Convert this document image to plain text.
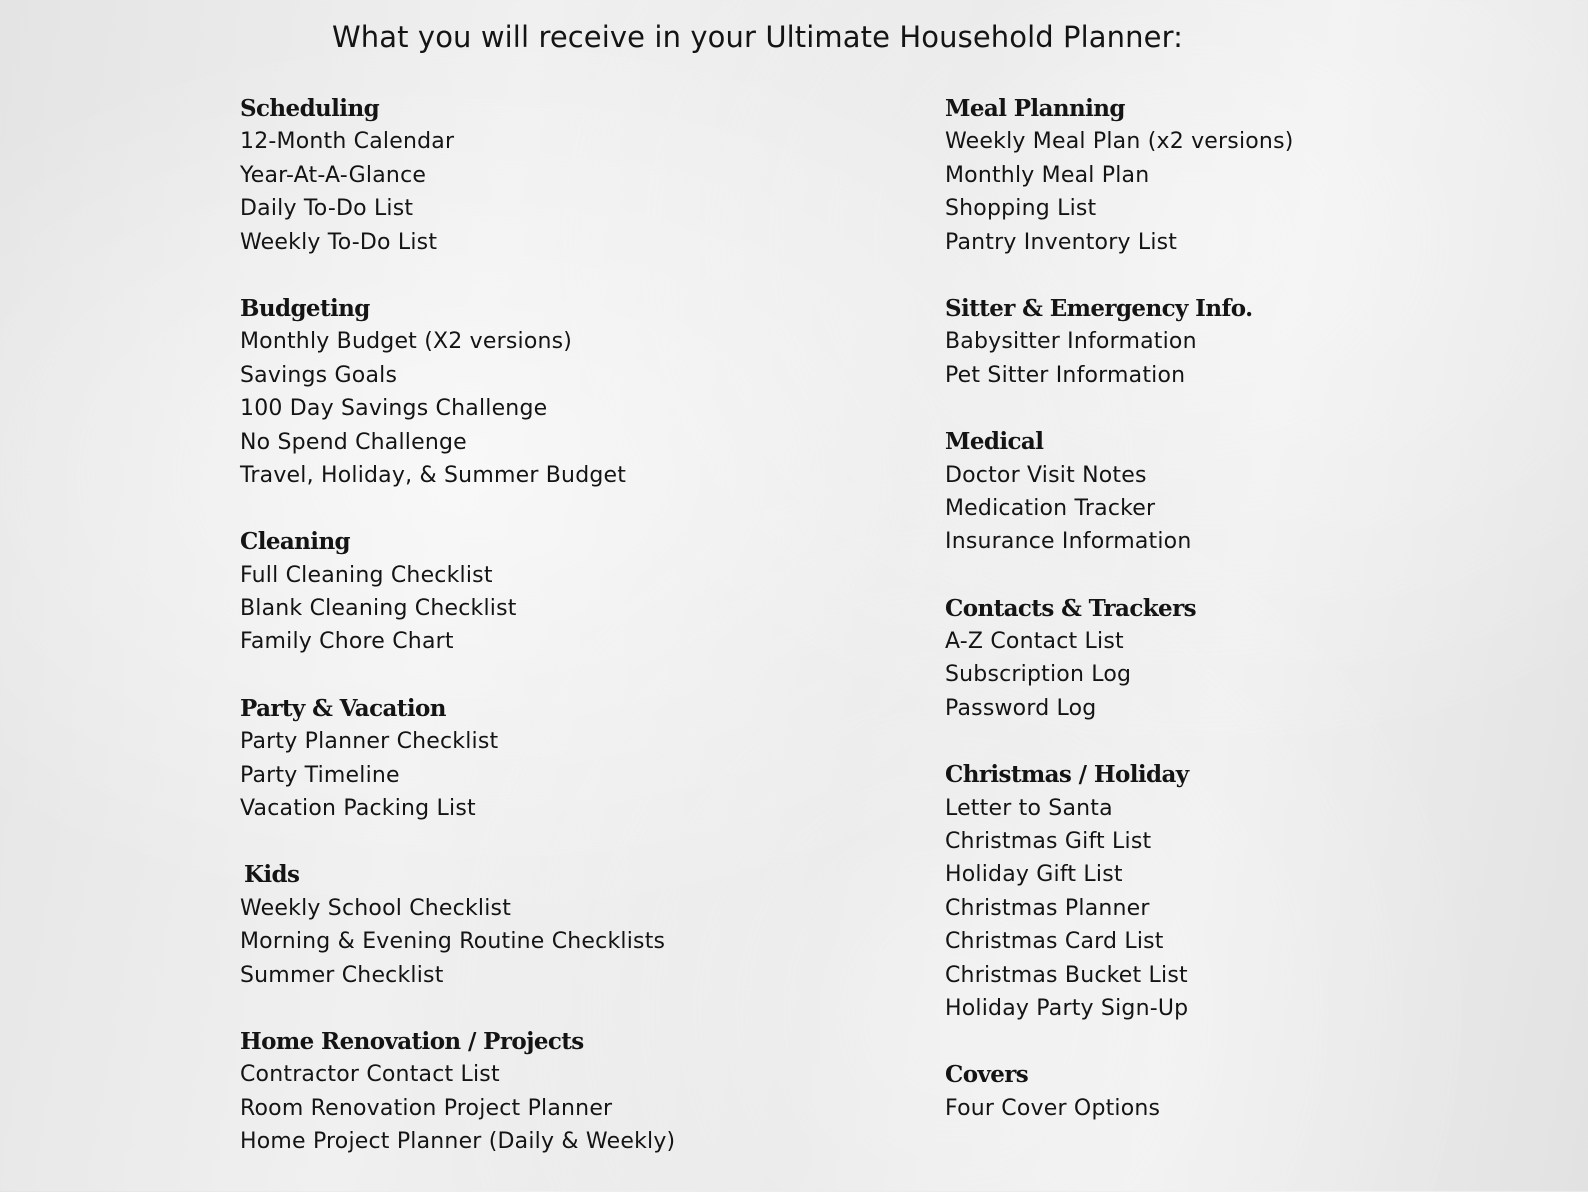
What you will receive in your Ultimate Household Planner:
Scheduling
12-Month Calendar
Year-At-A-Glance
Daily To-Do List
Weekly To-Do List
Budgeting
Monthly Budget (X2 versions)
Savings Goals
100 Day Savings Challenge
No Spend Challenge
Travel, Holiday, & Summer Budget
Cleaning
Full Cleaning Checklist
Blank Cleaning Checklist
Family Chore Chart
Party & Vacation
Party Planner Checklist
Party Timeline
Vacation Packing List
Kids
Weekly School Checklist
Morning & Evening Routine Checklists
Summer Checklist
Home Renovation / Projects
Contractor Contact List
Room Renovation Project Planner
Home Project Planner (Daily & Weekly)
Meal Planning
Weekly Meal Plan (x2 versions)
Monthly Meal Plan
Shopping List
Pantry Inventory List
Sitter & Emergency Info.
Babysitter Information
Pet Sitter Information
Medical
Doctor Visit Notes
Medication Tracker
Insurance Information
Contacts & Trackers
A-Z Contact List
Subscription Log
Password Log
Christmas / Holiday
Letter to Santa
Christmas Gift List
Holiday Gift List
Christmas Planner
Christmas Card List
Christmas Bucket List
Holiday Party Sign-Up
Covers
Four Cover Options
